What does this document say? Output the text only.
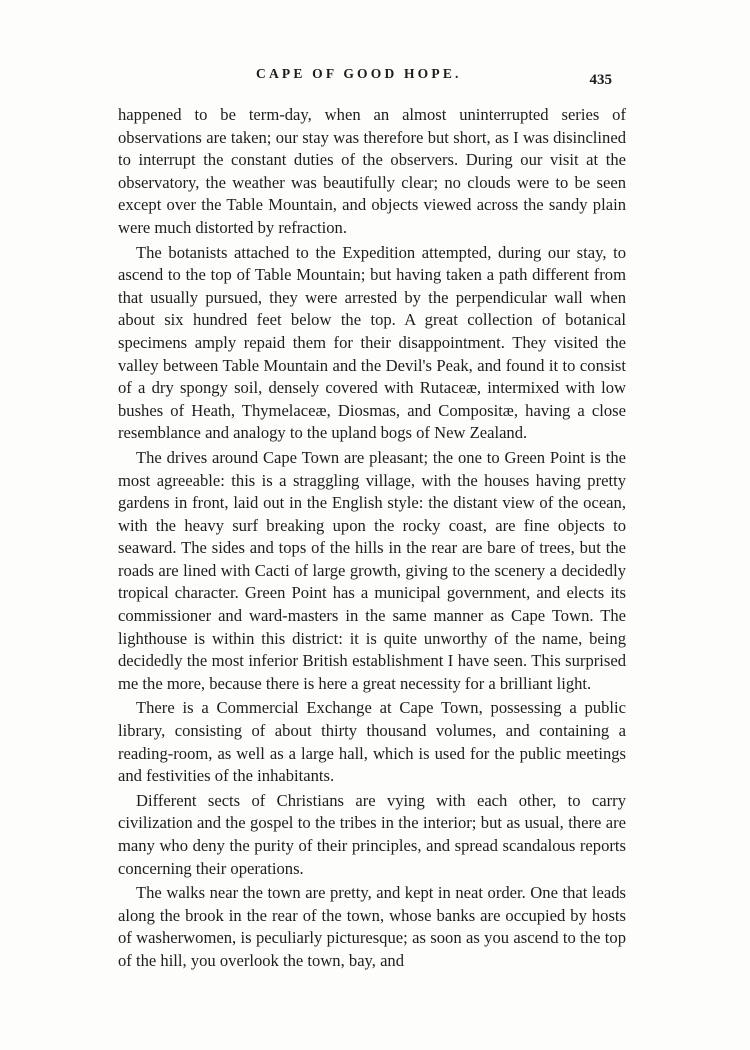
CAPE OF GOOD HOPE.	435

happened to be term-day, when an almost uninterrupted series of observations are taken; our stay was therefore but short, as I was disinclined to interrupt the constant duties of the observers. During our visit at the observatory, the weather was beautifully clear; no clouds were to be seen except over the Table Mountain, and objects viewed across the sandy plain were much distorted by refraction.

The botanists attached to the Expedition attempted, during our stay, to ascend to the top of Table Mountain; but having taken a path different from that usually pursued, they were arrested by the perpendicular wall when about six hundred feet below the top. A great collection of botanical specimens amply repaid them for their disappointment. They visited the valley between Table Mountain and the Devil's Peak, and found it to consist of a dry spongy soil, densely covered with Rutaceæ, intermixed with low bushes of Heath, Thymelaceæ, Diosmas, and Compositæ, having a close resemblance and analogy to the upland bogs of New Zealand.

The drives around Cape Town are pleasant; the one to Green Point is the most agreeable: this is a straggling village, with the houses having pretty gardens in front, laid out in the English style: the distant view of the ocean, with the heavy surf breaking upon the rocky coast, are fine objects to seaward. The sides and tops of the hills in the rear are bare of trees, but the roads are lined with Cacti of large growth, giving to the scenery a decidedly tropical character. Green Point has a municipal government, and elects its commissioner and ward-masters in the same manner as Cape Town. The lighthouse is within this district: it is quite unworthy of the name, being decidedly the most inferior British establishment I have seen. This surprised me the more, because there is here a great necessity for a brilliant light.

There is a Commercial Exchange at Cape Town, possessing a public library, consisting of about thirty thousand volumes, and containing a reading-room, as well as a large hall, which is used for the public meetings and festivities of the inhabitants.

Different sects of Christians are vying with each other, to carry civilization and the gospel to the tribes in the interior; but as usual, there are many who deny the purity of their principles, and spread scandalous reports concerning their operations.

The walks near the town are pretty, and kept in neat order. One that leads along the brook in the rear of the town, whose banks are occupied by hosts of washerwomen, is peculiarly picturesque; as soon as you ascend to the top of the hill, you overlook the town, bay, and
